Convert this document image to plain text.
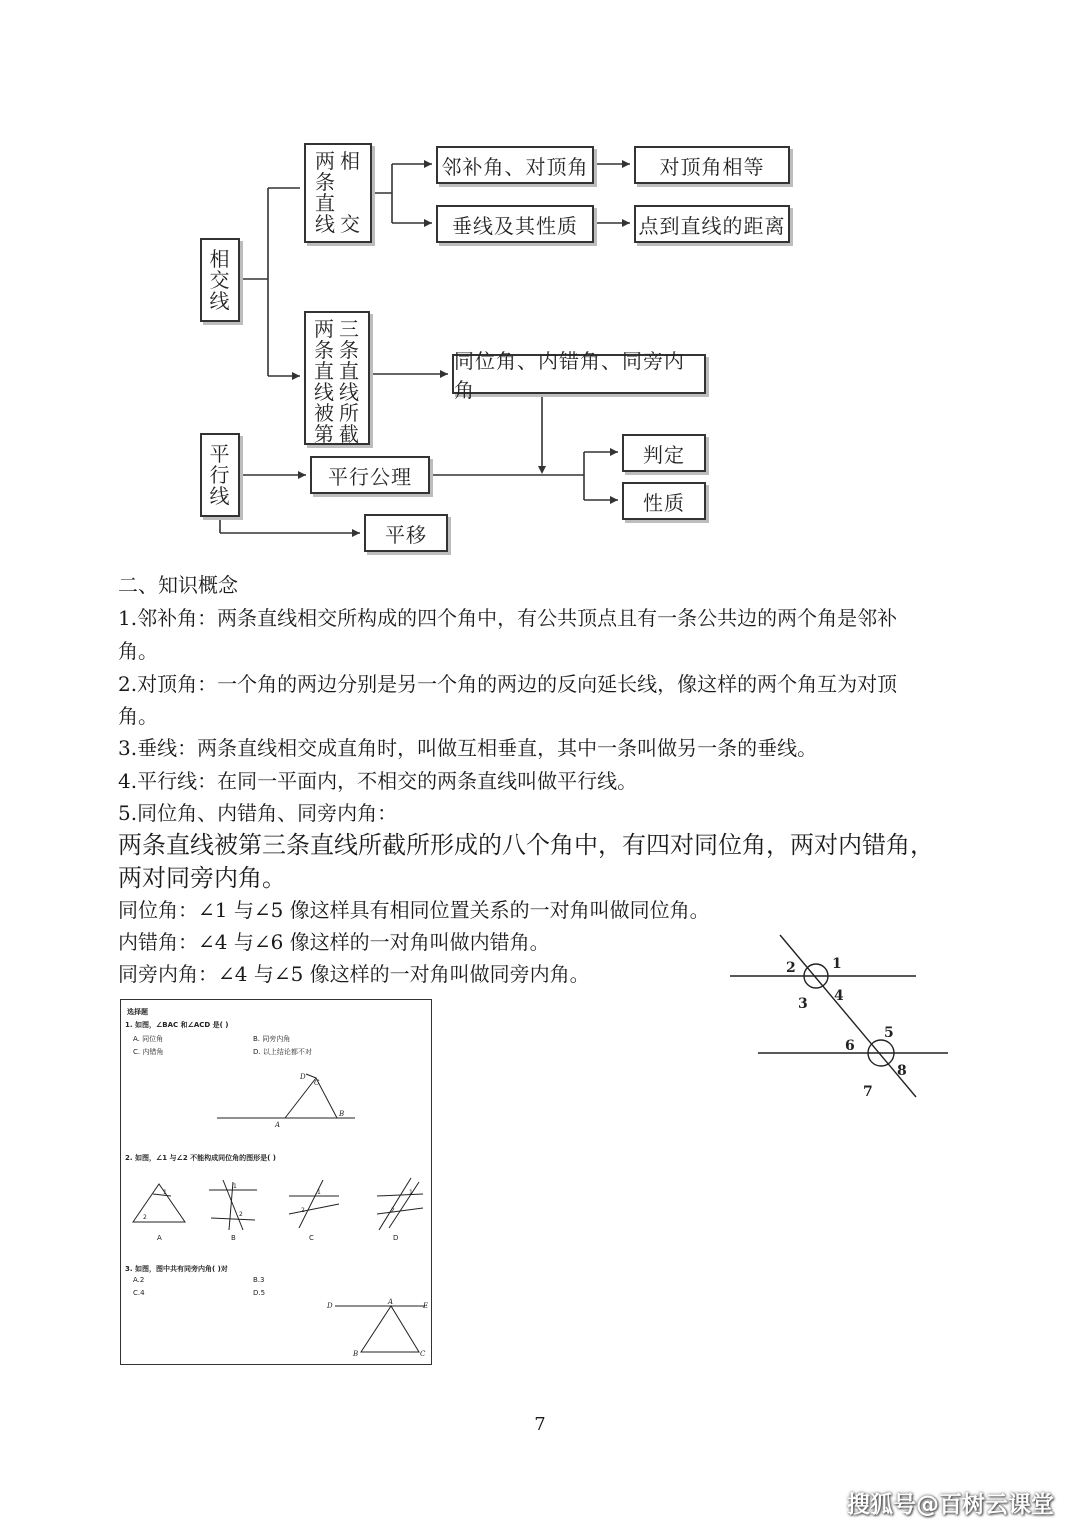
相
交
线
两
条
直
线
相
交
两
条
直
线
被
第
三
条
直
线
所
截
邻补角、对顶角	对顶角相等
垂线及其性质	点到直线的距离
同位角、内错角、同旁内角
平
行
线
平行公理
判定
性质
平移
二、知识概念
1.邻补角：两条直线相交所构成的四个角中，有公共顶点且有一条公共边的两个角是邻补
角。
2.对顶角：一个角的两边分别是另一个角的两边的反向延长线，像这样的两个角互为对顶
角。
3.垂线：两条直线相交成直角时，叫做互相垂直，其中一条叫做另一条的垂线。
4.平行线：在同一平面内，不相交的两条直线叫做平行线。
5.同位角、内错角、同旁内角：
两条直线被第三条直线所截所形成的八个角中，有四对同位角，两对内错角，
两对同旁内角。
同位角：∠1 与∠5 像这样具有相同位置关系的一对角叫做同位角。
内错角：∠4 与∠6 像这样的一对角叫做内错角。
同旁内角：∠4 与∠5 像这样的一对角叫做同旁内角。	1
2
3 4
5
6
7
8
选择题
1. 如图，∠BAC 和∠ACD 是( )
A. 同位角	B. 同旁内角
C. 内错角	D. 以上结论都不对
D
C
A
B
2. 如图，∠1 与∠2 不能构成同位角的图形是( )
1
2
1
2
1
2
1
2
A	B	C	D
3. 如图，图中共有同旁内角( )对
A.2	B.3
C.4	D.5
D	A	E
B	C
7
搜狐号@百树云课堂
